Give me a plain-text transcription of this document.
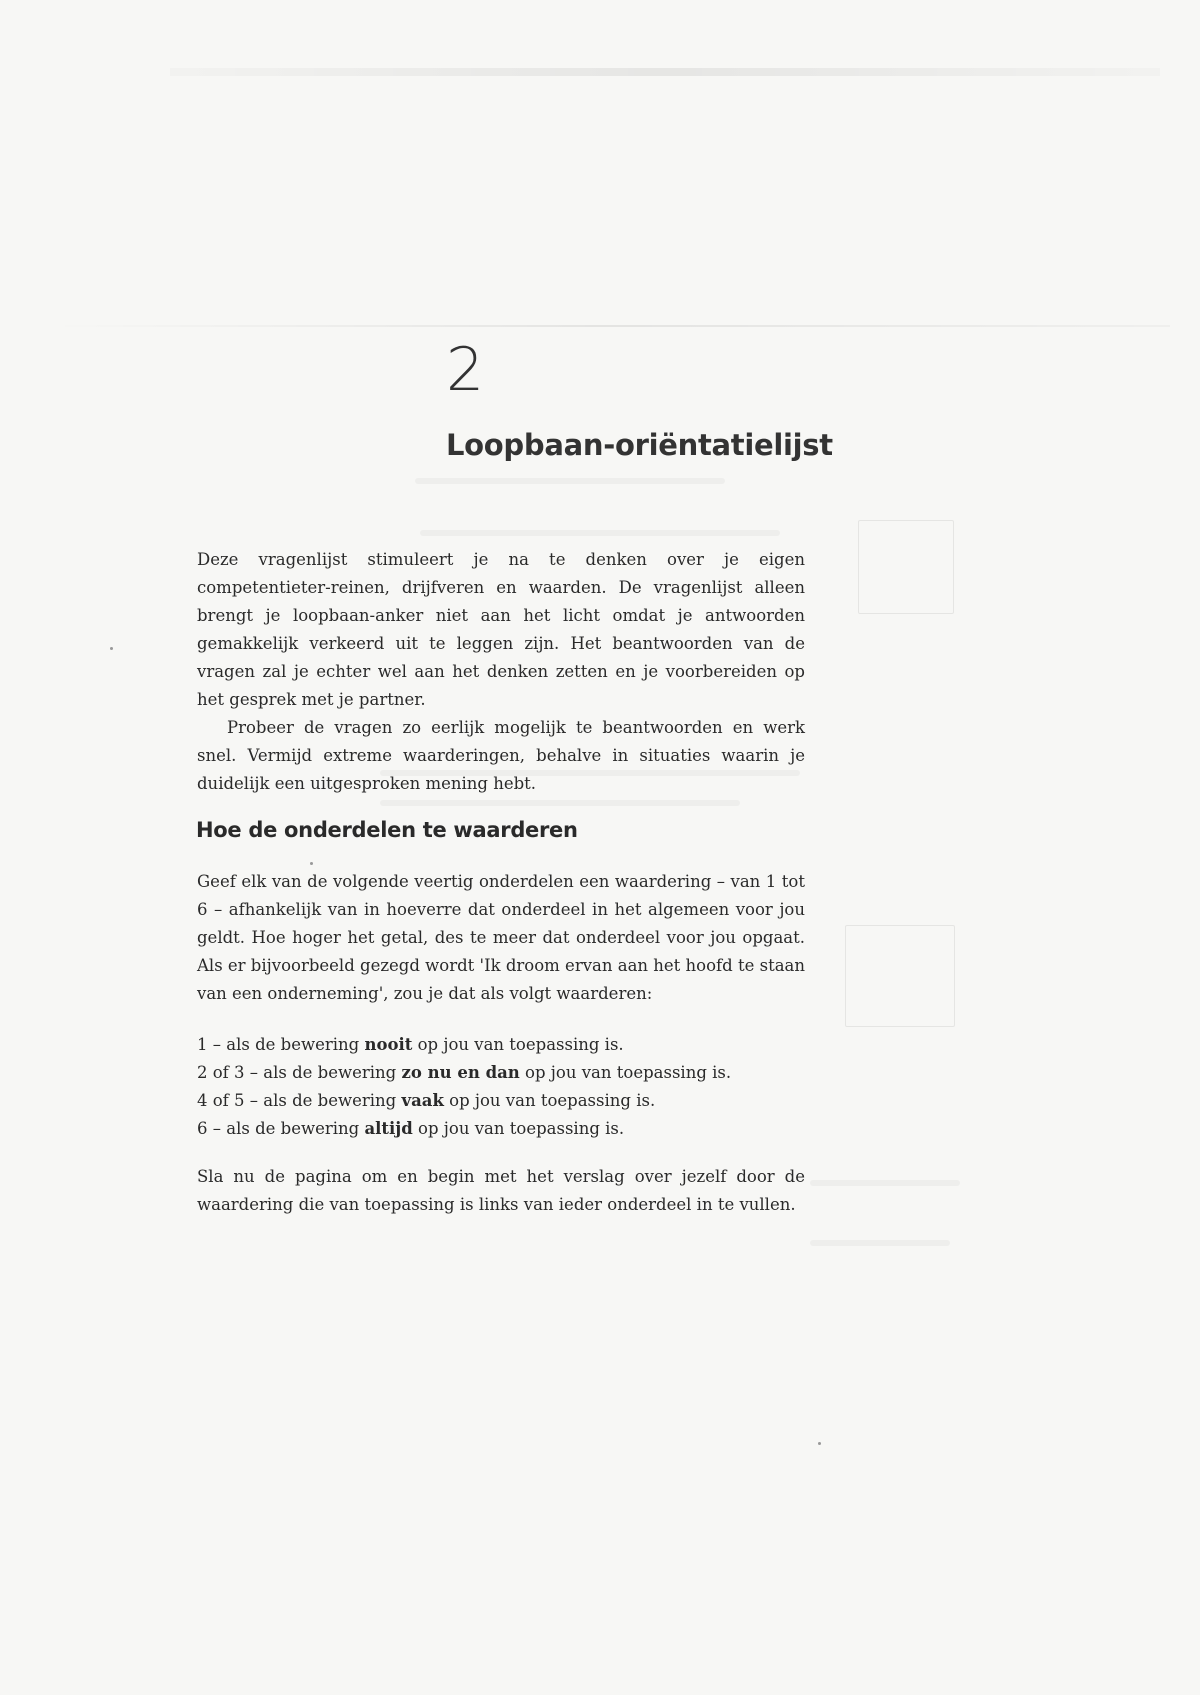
2
Loopbaan-oriëntatielijst

Deze vragenlijst stimuleert je na te denken over je eigen competentieter-reinen, drijfveren en waarden. De vragenlijst alleen brengt je loopbaan-anker niet aan het licht omdat je antwoorden gemakkelijk verkeerd uit te leggen zijn. Het beantwoorden van de vragen zal je echter wel aan het denken zetten en je voorbereiden op het gesprek met je partner.

Probeer de vragen zo eerlijk mogelijk te beantwoorden en werk snel. Vermijd extreme waarderingen, behalve in situaties waarin je duidelijk een uitgesproken mening hebt.

Hoe de onderdelen te waarderen
Geef elk van de volgende veertig onderdelen een waardering – van 1 tot 6 – afhankelijk van in hoeverre dat onderdeel in het algemeen voor jou geldt. Hoe hoger het getal, des te meer dat onderdeel voor jou opgaat. Als er bijvoorbeeld gezegd wordt 'Ik droom ervan aan het hoofd te staan van een onderneming', zou je dat als volgt waarderen:
1 – als de bewering nooit op jou van toepassing is.
2 of 3 – als de bewering zo nu en dan op jou van toepassing is.
4 of 5 – als de bewering vaak op jou van toepassing is.
6 – als de bewering altijd op jou van toepassing is.
Sla nu de pagina om en begin met het verslag over jezelf door de waardering die van toepassing is links van ieder onderdeel in te vullen.
